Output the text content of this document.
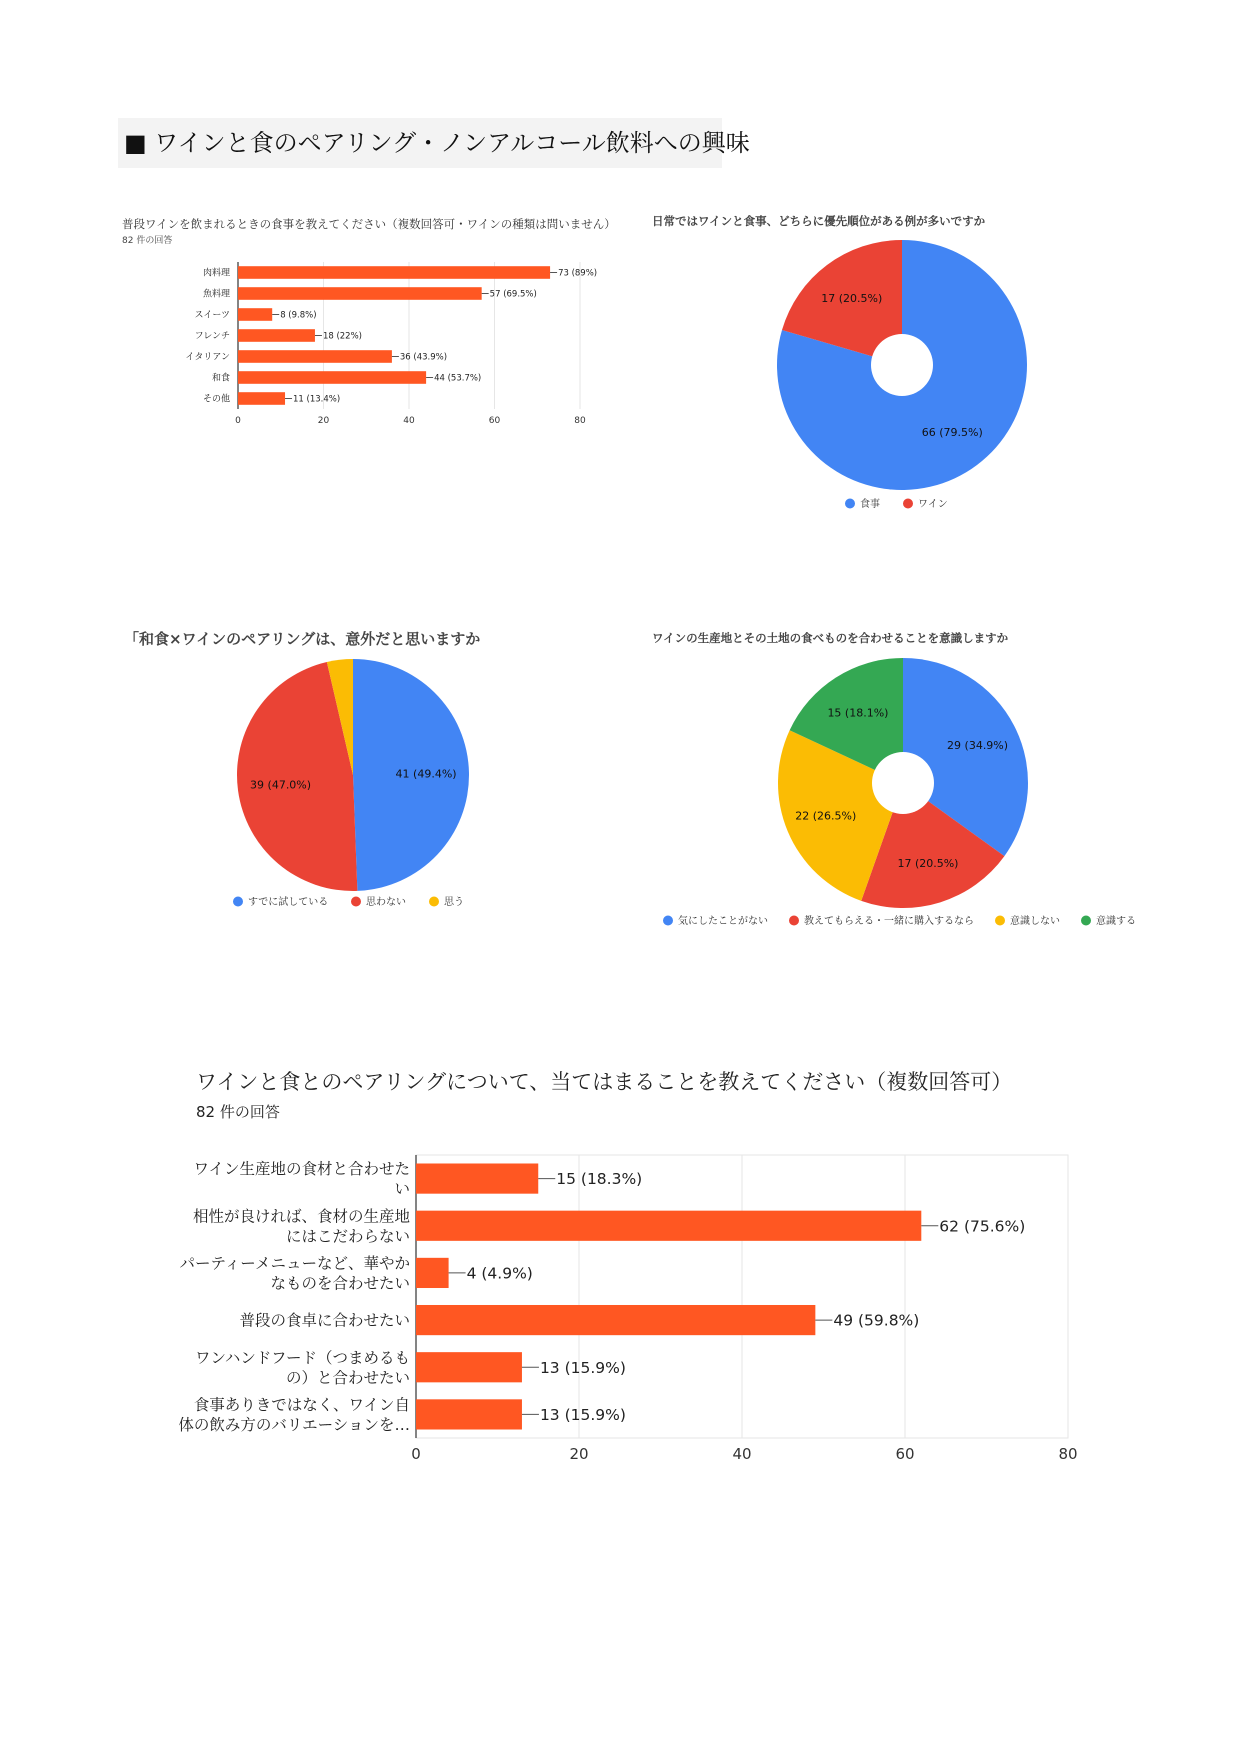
■ ワインと食のペアリング・ノンアルコール飲料への興味
普段ワインを飲まれるときの食事を教えてください（複数回答可・ワインの種類は問いません）
82 件の回答
0	20	40	60	80
73 (89%)
肉料理
57 (69.5%)
魚料理
8 (9.8%)
スイーツ
18 (22%)
フレンチ
36 (43.9%)
イタリアン
44 (53.7%)
和食
11 (13.4%)
その他
日常ではワインと食事、どちらに優先順位がある例が多いですか
66 (79.5%)
17 (20.5%)
食事	ワイン
「和食×ワインのペアリングは、意外だと思いますか
41 (49.4%)
39 (47.0%)
すでに試している	思わない	思う
ワインの生産地とその土地の食べものを合わせることを意識しますか
29 (34.9%)
17 (20.5%)
22 (26.5%)
15 (18.1%)
気にしたことがない	教えてもらえる・一緒に購入するなら	意識しない	意識する
ワインと食とのペアリングについて、当てはまることを教えてください（複数回答可）
82 件の回答
0	20	40	60	80
15 (18.3%)
ワイン生産地の食材と合わせた
い
62 (75.6%)
相性が良ければ、食材の生産地
にはこだわらない
4 (4.9%)
パーティーメニューなど、華やか
なものを合わせたい
49 (59.8%)
普段の食卓に合わせたい
13 (15.9%)
ワンハンドフード（つまめるも
の）と合わせたい
13 (15.9%)
食事ありきではなく、ワイン自
体の飲み方のバリエーションを…
